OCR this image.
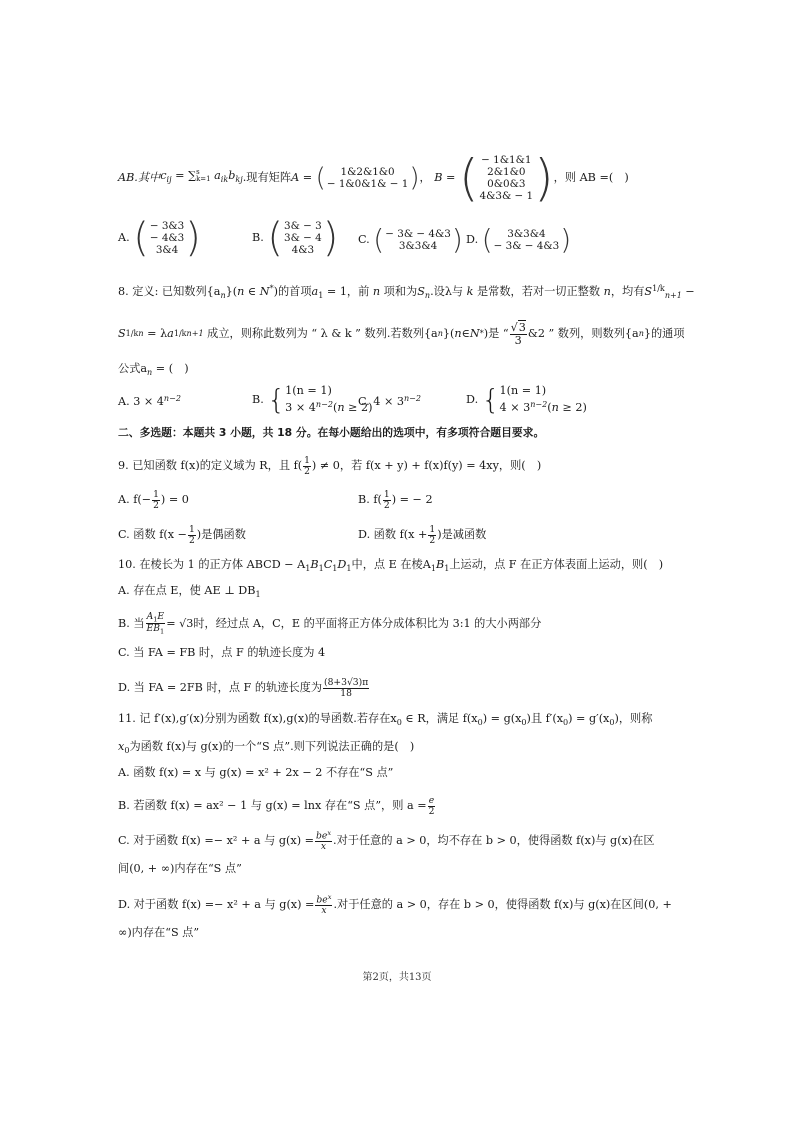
AB.其中 $c_{ij}$ = ∑ s
k=1 $a_{ik}b_{kj}$ .现有矩阵 A = ( 1&2&1&0
− 1&0&1& − 1 ) ， B = ( − 1&1&1
2&1&0
0&0&3
4&3& − 1 ) ，则 AB =(　)
A. ( − 3&3
− 4&3
3&4 )	B. ( 3& − 3
3& − 4
4&3 ) C. ( − 3& − 4&3
3&3&4 ) D. ( 3&3&4
− 3& − 4&3 )
8. 定义: 已知数列$\{a_n\}(n$ ∈ N*)的首项$a_1 = 1$，前 n 项和为$S_n$.设λ与 k 是常数，若对一切正整数 n，均有$S^{1/k}_{n+1}$ −
S 1/k n = λ a 1/k n+1
成立，则称此数列为 “ λ & k ” 数列.若数列{a n }( n ∈ N * ) 是 “ $\frac{√3}{3}$ &2 ” 数列，则数列{a n }的通项
公式$a_n$ = (　)
A. $3 \times 4^{n-2}$	B. { 1(n = 1)
$3 \times 4^{n-2}(n \ge 2)$
C. $4 \times 3^{n-2}$	D. { 1(n = 1)
$4 \times 3^{n-2}(n \ge 2)$
二、多选题：本题共 3 小题，共 18 分。在每小题给出的选项中，有多项符合题目要求。
9. 已知函数 f(x)的定义域为 R，且 $f( \frac{1}{2}$ ) ≠ 0，若 f(x + y) + f(x)f(y) = 4xy，则(　)
A. $f(- \frac{1}{2}$ ) = 0	B. $f( \frac{1}{2}$ ) = − 2
C. 函数 $f(x - \frac{1}{2}$ )是偶函数	D. 函数 $f(x + \frac{1}{2}$ )是减函数
10. 在棱长为 1 的正方体 ABCD − $A_1B_1C_1D_1$中，点 E 在棱$A_1B_1$上运动，点 F 在正方体表面上运动，则(　)
A. 存在点 E，使 AE ⊥ $DB_1$
B. 当 $\frac{A_1E}{EB_1} = √3$时，经过点 A，C，E 的平面将正方体分成体积比为 3:1 的大小两部分
C. 当 FA = FB 时，点 F 的轨迹长度为 4
D. 当 FA = 2FB 时，点 F 的轨迹长度为 $\frac{(8+3√3)\pi}{18}$
11. 记 f′(x),g′(x)分别为函数 f(x),g(x)的导函数.若存在$x_0$ ∈ R，满足 $f(x_0) = g(x_0)$且 $f'(x_0) = g'(x_0)$，则称
$x_0$为函数 f(x)与 g(x)的一个“S 点”.则下列说法正确的是(　)
A. 函数 f(x) = x 与 g(x) = x² + 2x − 2 不存在“S 点”
B. 若函数 f(x) = ax² − 1 与 g(x) = lnx 存在“S 点”，则 $a = \frac{e}{2}$
C. 对于函数 f(x) =− x² + a 与 $g(x) = \frac{be^x}{x}$ .对于任意的 a > 0，均不存在 b > 0，使得函数 f(x)与 g(x)在区
间(0, + ∞)内存在“S 点”
D. 对于函数 f(x) =− x² + a 与 $g(x) = \frac{be^x}{x}$ .对于任意的 a > 0，存在 b > 0，使得函数 f(x)与 g(x)在区间(0, +
∞)内存在“S 点”
第2页，共13页
